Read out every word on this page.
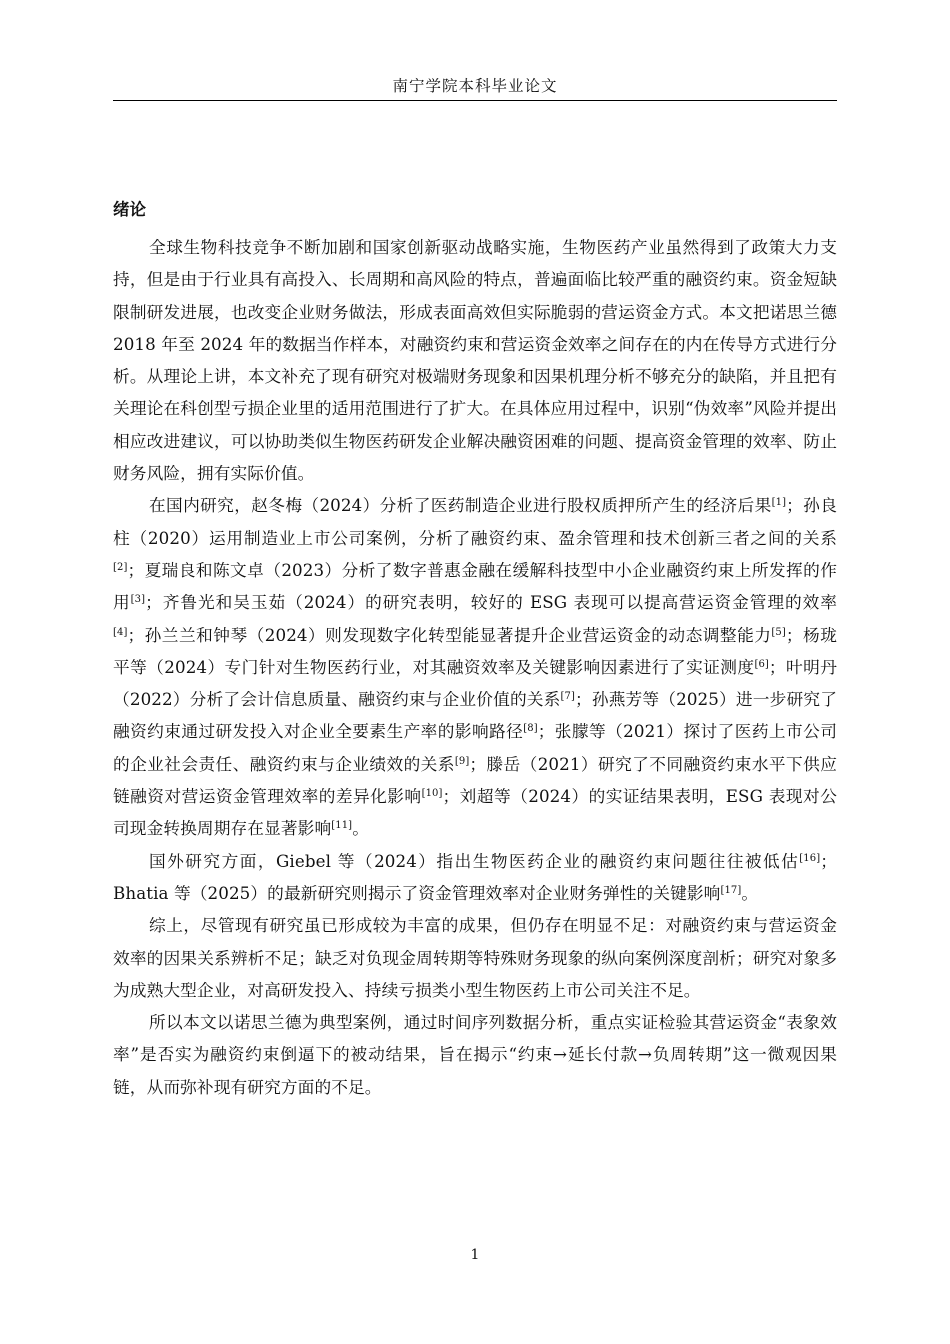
南宁学院本科毕业论文
绪论

全球生物科技竞争不断加剧和国家创新驱动战略实施，生物医药产业虽然得到了政策大力支持，但是由于行业具有高投入、长周期和高风险的特点，普遍面临比较严重的融资约束。资金短缺限制研发进展，也改变企业财务做法，形成表面高效但实际脆弱的营运资金方式。本文把诺思兰德 2018 年至 2024 年的数据当作样本，对融资约束和营运资金效率之间存在的内在传导方式进行分析。从理论上讲，本文补充了现有研究对极端财务现象和因果机理分析不够充分的缺陷，并且把有关理论在科创型亏损企业里的适用范围进行了扩大。在具体应用过程中，识别“伪效率”风险并提出相应改进建议，可以协助类似生物医药研发企业解决融资困难的问题、提高资金管理的效率、防止财务风险，拥有实际价值。

在国内研究，赵冬梅（2024）分析了医药制造企业进行股权质押所产生的经济后果[1]；孙良柱（2020）运用制造业上市公司案例，分析了融资约束、盈余管理和技术创新三者之间的关系[2]；夏瑞良和陈文卓（2023）分析了数字普惠金融在缓解科技型中小企业融资约束上所发挥的作用[3]；齐鲁光和吴玉茹（2024）的研究表明，较好的 ESG 表现可以提高营运资金管理的效率[4]；孙兰兰和钟琴（2024）则发现数字化转型能显著提升企业营运资金的动态调整能力[5]；杨珑平等（2024）专门针对生物医药行业，对其融资效率及关键影响因素进行了实证测度[6]；叶明丹（2022）分析了会计信息质量、融资约束与企业价值的关系[7]；孙燕芳等（2025）进一步研究了融资约束通过研发投入对企业全要素生产率的影响路径[8]；张朦等（2021）探讨了医药上市公司的企业社会责任、融资约束与企业绩效的关系[9]；滕岳（2021）研究了不同融资约束水平下供应链融资对营运资金管理效率的差异化影响[10]；刘超等（2024）的实证结果表明，ESG 表现对公司现金转换周期存在显著影响[11]。

国外研究方面，Giebel 等（2024）指出生物医药企业的融资约束问题往往被低估[16]；Bhatia 等（2025）的最新研究则揭示了资金管理效率对企业财务弹性的关键影响[17]。

综上，尽管现有研究虽已形成较为丰富的成果，但仍存在明显不足：对融资约束与营运资金效率的因果关系辨析不足；缺乏对负现金周转期等特殊财务现象的纵向案例深度剖析；研究对象多为成熟大型企业，对高研发投入、持续亏损类小型生物医药上市公司关注不足。

所以本文以诺思兰德为典型案例，通过时间序列数据分析，重点实证检验其营运资金“表象效率”是否实为融资约束倒逼下的被动结果，旨在揭示“约束→延长付款→负周转期”这一微观因果链，从而弥补现有研究方面的不足。

1
